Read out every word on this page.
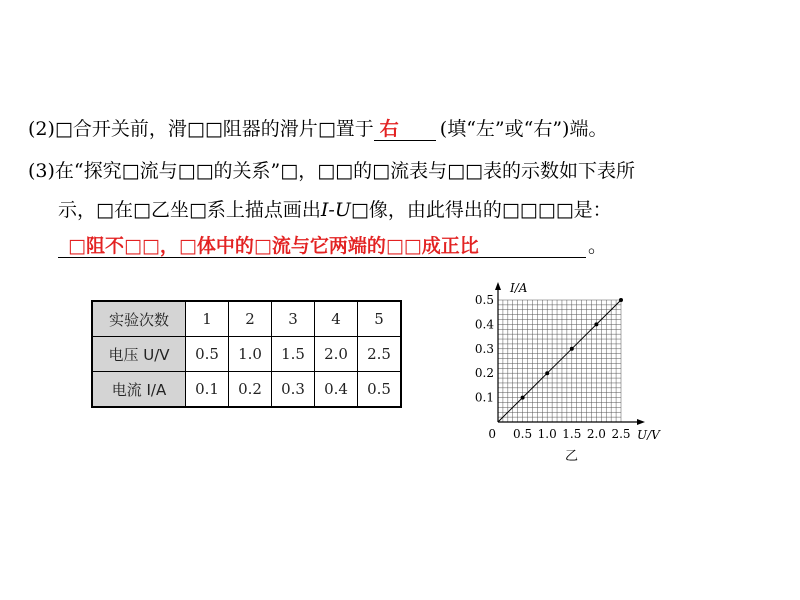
(2)□合开关前，滑□□阻器的滑片□置于 右 (填“左”或“右”)端。
(3)在“探究□流与□□的关系”□，□□的□流表与□□表的示数如下表所
示，□在□乙坐□系上描点画出I-U□像，由此得出的□□□□是：
□阻不□□，□体中的□流与它两端的□□成正比	。
实验次数	1	2	3	4	5
电压 U/V	0.5	1.0	1.5	2.0	2.5
电流 I/A	0.1	0.2	0.3	0.4	0.5
0.5 1.0 1.5 2.0 2.5
0.1
0.2
0.3
0.4
0.5
0	U/V
I/A
乙
